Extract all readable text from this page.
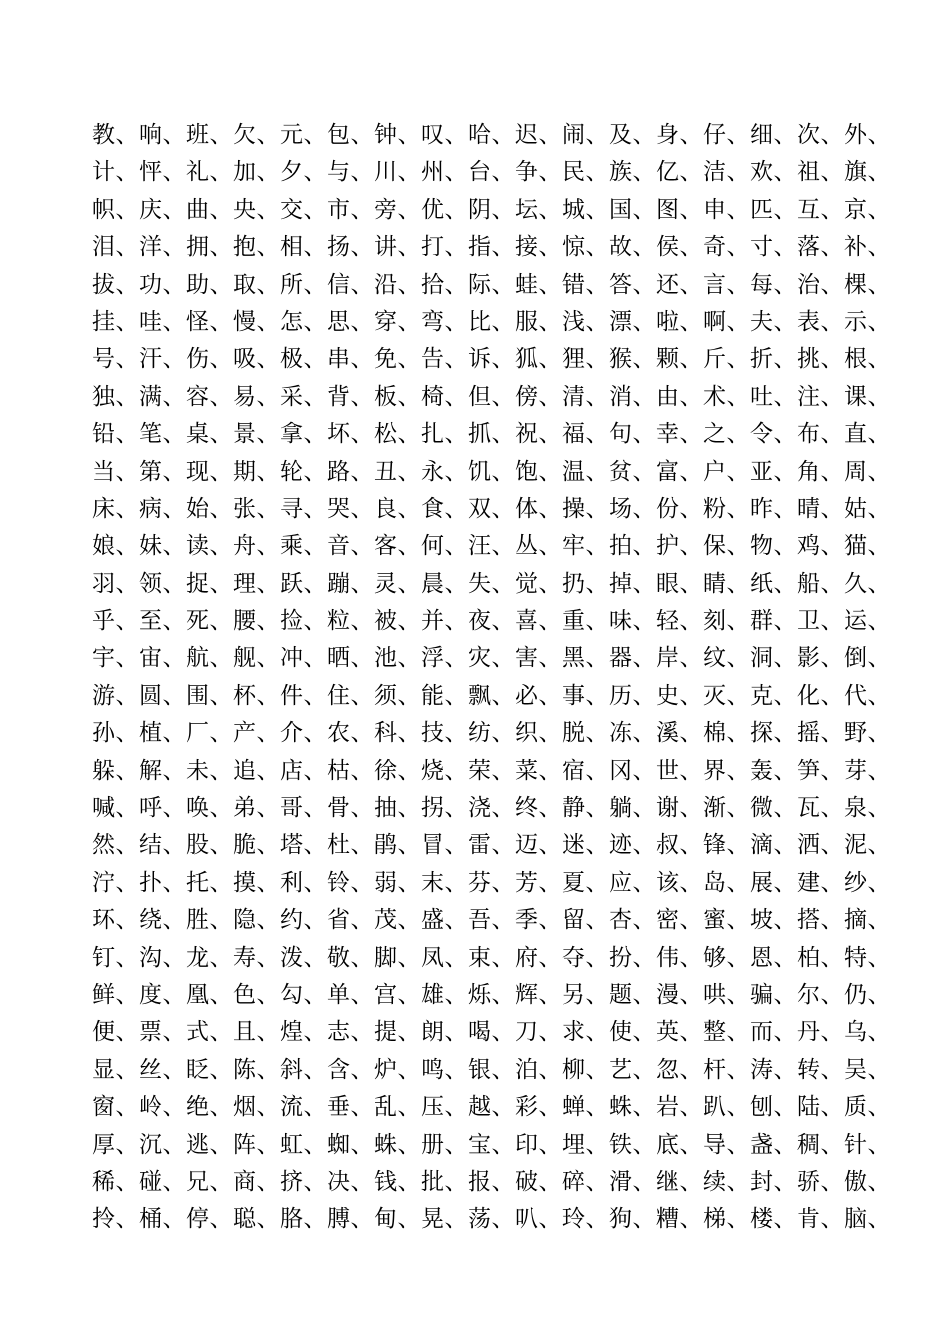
教、响、班、欠、元、包、钟、叹、哈、迟、闹、及、身、仔、细、次、外、
计、怦、礼、加、夕、与、川、州、台、争、民、族、亿、洁、欢、祖、旗、
帜、庆、曲、央、交、市、旁、优、阴、坛、城、国、图、申、匹、互、京、
泪、洋、拥、抱、相、扬、讲、打、指、接、惊、故、侯、奇、寸、落、补、
拔、功、助、取、所、信、沿、拾、际、蛙、错、答、还、言、每、治、棵、
挂、哇、怪、慢、怎、思、穿、弯、比、服、浅、漂、啦、啊、夫、表、示、
号、汗、伤、吸、极、串、免、告、诉、狐、狸、猴、颗、斤、折、挑、根、
独、满、容、易、采、背、板、椅、但、傍、清、消、由、术、吐、注、课、
铅、笔、桌、景、拿、坏、松、扎、抓、祝、福、句、幸、之、令、布、直、
当、第、现、期、轮、路、丑、永、饥、饱、温、贫、富、户、亚、角、周、
床、病、始、张、寻、哭、良、食、双、体、操、场、份、粉、昨、晴、姑、
娘、妹、读、舟、乘、音、客、何、汪、丛、牢、拍、护、保、物、鸡、猫、
羽、领、捉、理、跃、蹦、灵、晨、失、觉、扔、掉、眼、睛、纸、船、久、
乎、至、死、腰、捡、粒、被、并、夜、喜、重、味、轻、刻、群、卫、运、
宇、宙、航、舰、冲、晒、池、浮、灾、害、黑、器、岸、纹、洞、影、倒、
游、圆、围、杯、件、住、须、能、飘、必、事、历、史、灭、克、化、代、
孙、植、厂、产、介、农、科、技、纺、织、脱、冻、溪、棉、探、摇、野、
躲、解、未、追、店、枯、徐、烧、荣、菜、宿、冈、世、界、轰、笋、芽、
喊、呼、唤、弟、哥、骨、抽、拐、浇、终、静、躺、谢、渐、微、瓦、泉、
然、结、股、脆、塔、杜、鹃、冒、雷、迈、迷、迹、叔、锋、滴、洒、泥、
泞、扑、托、摸、利、铃、弱、末、芬、芳、夏、应、该、岛、展、建、纱、
环、绕、胜、隐、约、省、茂、盛、吾、季、留、杏、密、蜜、坡、搭、摘、
钉、沟、龙、寿、泼、敬、脚、凤、束、府、夺、扮、伟、够、恩、柏、特、
鲜、度、凰、色、勾、单、宫、雄、烁、辉、另、题、漫、哄、骗、尔、仍、
便、票、式、且、煌、志、提、朗、喝、刀、求、使、英、整、而、丹、乌、
显、丝、眨、陈、斜、含、炉、鸣、银、泊、柳、艺、忽、杆、涛、转、吴、
窗、岭、绝、烟、流、垂、乱、压、越、彩、蝉、蛛、岩、趴、刨、陆、质、
厚、沉、逃、阵、虹、蜘、蛛、册、宝、印、埋、铁、底、导、盏、稠、针、
稀、碰、兄、商、挤、决、钱、批、报、破、碎、滑、继、续、封、骄、傲、
拎、桶、停、聪、胳、膊、甸、晃、荡、叭、玲、狗、糟、梯、楼、肯、脑、
